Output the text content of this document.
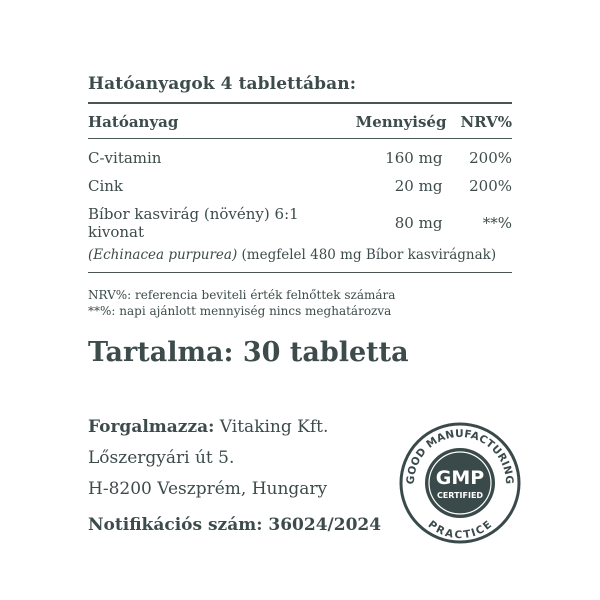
Hatóanyagok 4 tablettában:
Hatóanyag	Mennyiség	NRV%

C-vitamin	160 mg	200%
Cink	20 mg	200%
Bíbor kasvirág (növény) 6:1 kivonat	80 mg	**%
(Echinacea purpurea) (megfelel 480 mg Bíbor kasvirágnak)		
NRV%: referencia beviteli érték felnőttek számára
**%: napi ajánlott mennyiség nincs meghatározva
Tartalma: 30 tabletta
Forgalmazza: Vitaking Kft.
Lőszergyári út 5.
H-8200 Veszprém, Hungary
Notifikációs szám: 36024/2024
GOOD MANUFACTURING
PRACTICE
GMP
CERTIFIED
